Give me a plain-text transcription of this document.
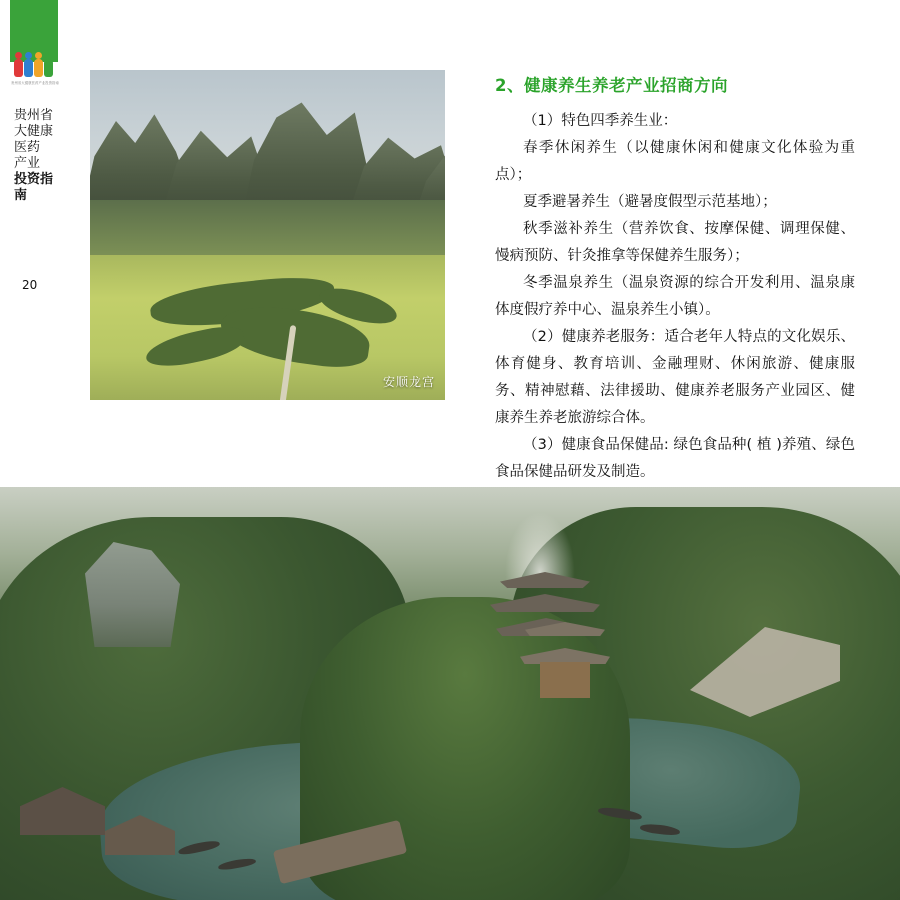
贵州省大健康医药产业投资指南
贵州省
大健康医药
产业
投资指南
20
安顺龙宫
2、健康养生养老产业招商方向

（1）特色四季养生业：

春季休闲养生（以健康休闲和健康文化体验为重点）；

夏季避暑养生（避暑度假型示范基地）；

秋季滋补养生（营养饮食、按摩保健、调理保健、慢病预防、针灸推拿等保健养生服务）；

冬季温泉养生（温泉资源的综合开发利用、温泉康体度假疗养中心、温泉养生小镇）。

（2）健康养老服务：适合老年人特点的文化娱乐、体育健身、教育培训、金融理财、休闲旅游、健康服务、精神慰藉、法律援助、健康养老服务产业园区、健康养生养老旅游综合体。

（3）健康食品保健品: 绿色食品种( 植 )养殖、绿色食品保健品研发及制造。
